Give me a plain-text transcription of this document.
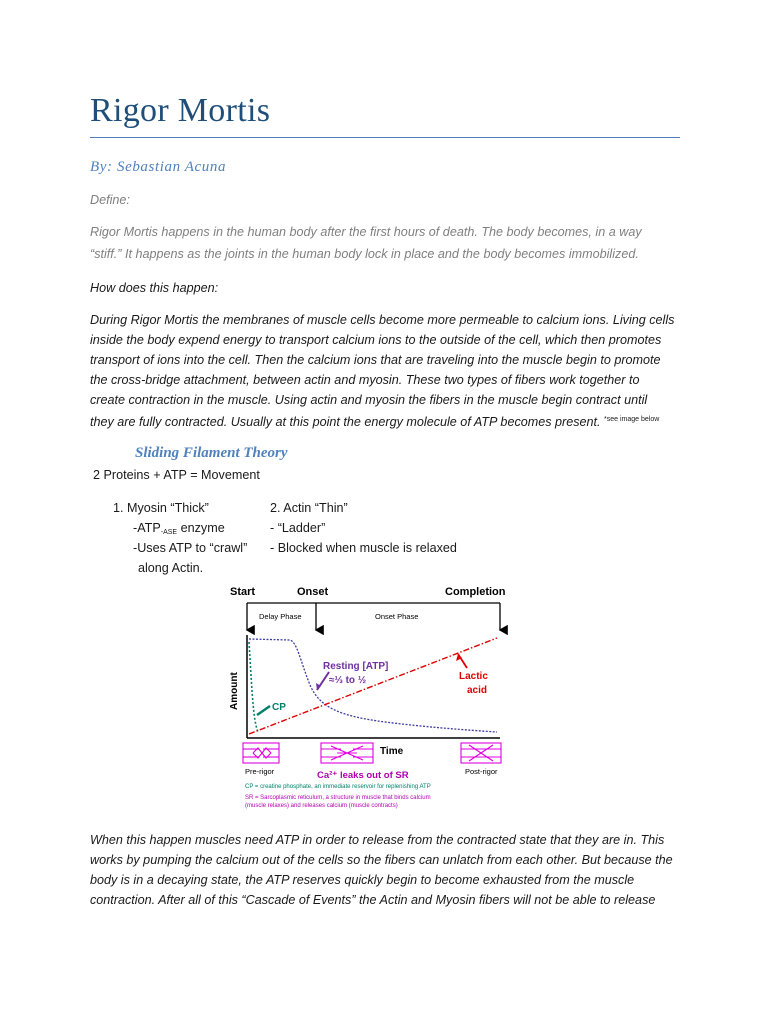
Rigor Mortis
By: Sebastian Acuna

Define:

Rigor Mortis happens in the human body after the first hours of death. The body becomes, in a way

“stiff.” It happens as the joints in the human body lock in place and the body becomes immobilized.

How does this happen:

During Rigor Mortis the membranes of muscle cells become more permeable to calcium ions. Living cells

inside the body expend energy to transport calcium ions to the outside of the cell, which then promotes

transport of ions into the cell. Then the calcium ions that are traveling into the muscle begin to promote

the cross-bridge attachment, between actin and myosin. These two types of fibers work together to

create contraction in the muscle. Using actin and myosin the fibers in the muscle begin contract until

they are fully contracted. Usually at this point the energy molecule of ATP becomes present. $^{*see image below}$

Sliding Filament Theory
2 Proteins + ATP = Movement
1. Myosin “Thick”
-ATP-ASE enzyme
-Uses ATP to “crawl”
along Actin.
2. Actin “Thin”
- “Ladder”
- Blocked when muscle is relaxed
Start	Onset	Completion
Delay Phase	Onset Phase
Amount
Time
Resting [ATP]
≈⅓ to ½	Lactic
acid
CP
Pre-rigor	Ca²⁺ leaks out of SR	Post-rigor
CP = creatine phosphate, an immediate reservoir for replenishing ATP
SR = Sarcoplasmic reticulum, a structure in muscle that binds calcium
(muscle relaxes) and releases calcium (muscle contracts)

When this happen muscles need ATP in order to release from the contracted state that they are in. This

works by pumping the calcium out of the cells so the fibers can unlatch from each other. But because the

body is in a decaying state, the ATP reserves quickly begin to become exhausted from the muscle

contraction. After all of this “Cascade of Events” the Actin and Myosin fibers will not be able to release
